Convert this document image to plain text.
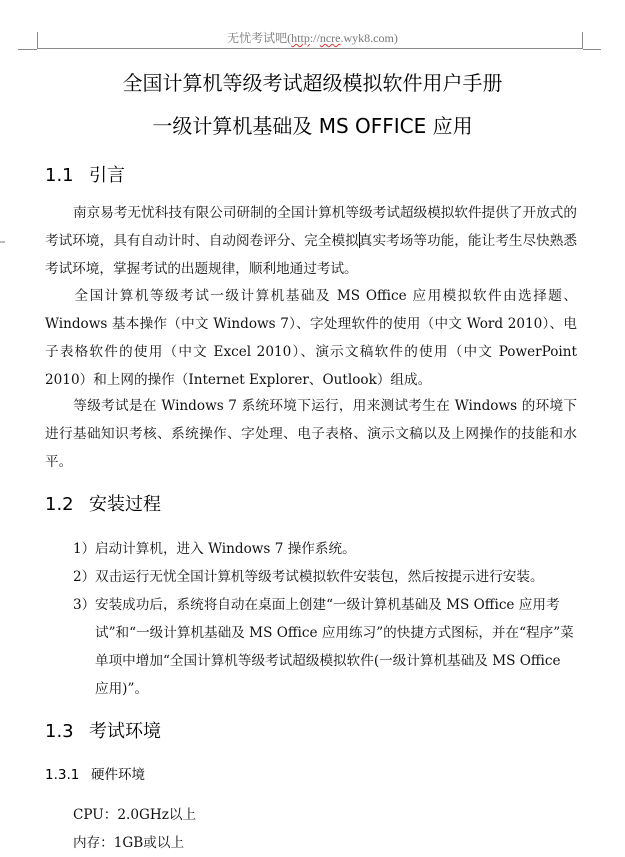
无忧考试吧(http://ncre.wyk8.com)
全国计算机等级考试超级模拟软件用户手册
一级计算机基础及 MS OFFICE 应用
1.1 引言
南京易考无忧科技有限公司研制的全国计算机等级考试超级模拟软件提供了开放式的考试环境，具有自动计时、自动阅卷评分、完全模拟真实考场等功能，能让考生尽快熟悉考试环境，掌握考试的出题规律，顺利地通过考试。
全国计算机等级考试一级计算机基础及 MS Office 应用模拟软件由选择题、Windows 基本操作（中文 Windows 7）、字处理软件的使用（中文 Word 2010）、电子表格软件的使用（中文 Excel 2010）、演示文稿软件的使用（中文 PowerPoint 2010）和上网的操作（Internet Explorer、Outlook）组成。
等级考试是在 Windows 7 系统环境下运行，用来测试考生在 Windows 的环境下进行基础知识考核、系统操作、字处理、电子表格、演示文稿以及上网操作的技能和水平。
1.2 安装过程
1）启动计算机，进入 Windows 7 操作系统。
2）双击运行无忧全国计算机等级考试模拟软件安装包，然后按提示进行安装。
3）安装成功后，系统将自动在桌面上创建“一级计算机基础及 MS Office 应用考
试”和“一级计算机基础及 MS Office 应用练习”的快捷方式图标，并在“程序”菜单项中增加“全国计算机等级考试超级模拟软件(一级计算机基础及 MS Office 应用)”。
1.3 考试环境
1.3.1 硬件环境
CPU：2.0GHz以上
内存：1GB或以上
